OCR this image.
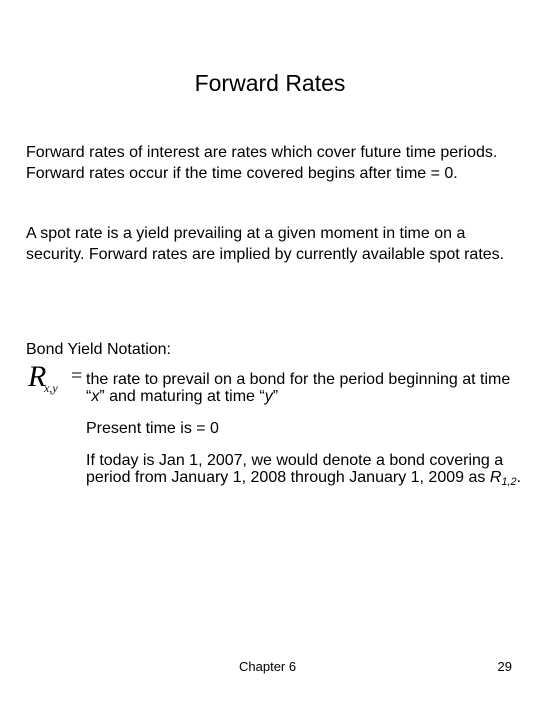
Forward Rates
Forward rates of interest are rates which cover future time periods. Forward rates occur if the time covered begins after time = 0.
A spot rate is a yield prevailing at a given moment in time on a security. Forward rates are implied by currently available spot rates.
Bond Yield Notation:
R
x,y
= the rate to prevail on a bond for the period beginning at time “x” and maturing at time “y”
Present time is = 0
If today is Jan 1, 2007, we would denote a bond covering a period from January 1, 2008 through January 1, 2009 as R1,2.
Chapter 6	29
